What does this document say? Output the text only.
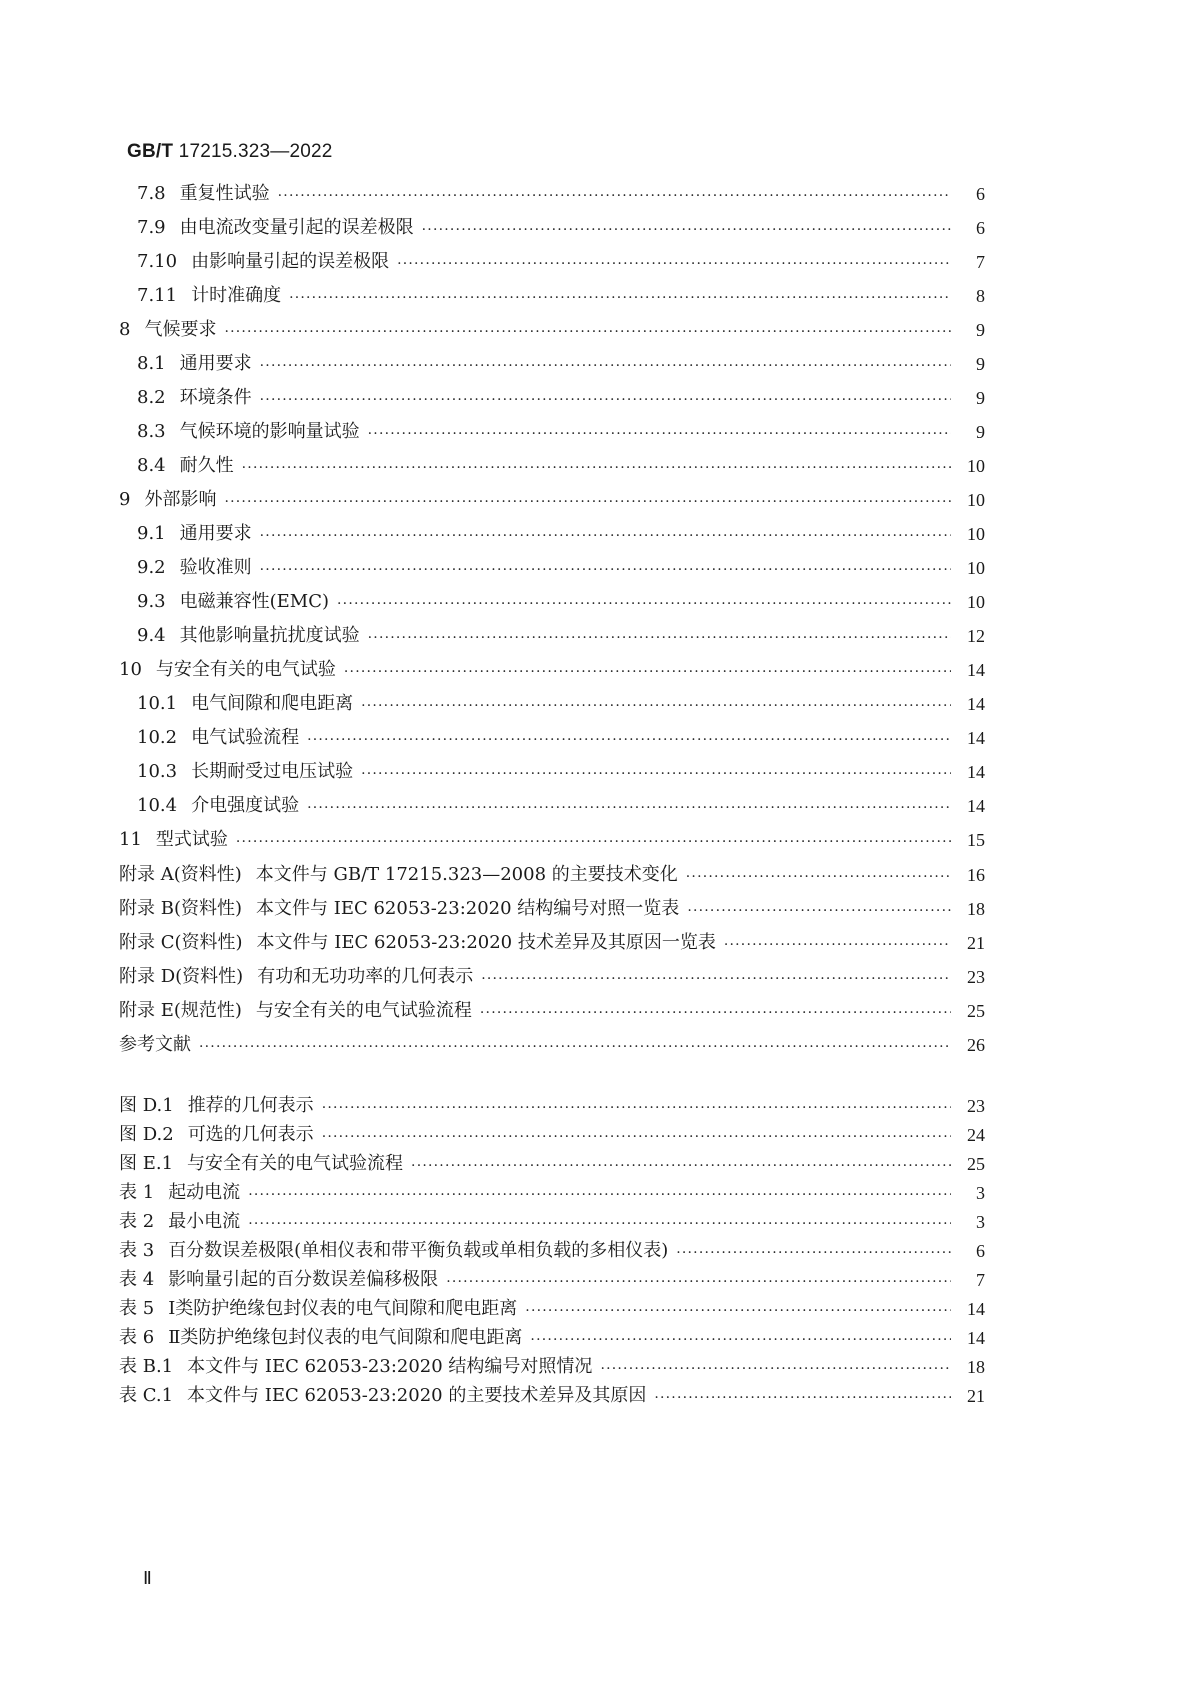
GB/T 17215.323—2022
7.8 重复性试验 ·····	6
7.9 由电流改变量引起的误差极限 ·····	6
7.10 由影响量引起的误差极限 ·····	7
7.11 计时准确度 ·····	8
8 气候要求 ·····	9
8.1 通用要求 ·····	9
8.2 环境条件 ·····	9
8.3 气候环境的影响量试验 ·····	9
8.4 耐久性 ·····	10
9 外部影响 ·····	10
9.1 通用要求 ·····	10
9.2 验收准则 ·····	10
9.3 电磁兼容性(EMC) ·····	10
9.4 其他影响量抗扰度试验 ·····	12
10 与安全有关的电气试验 ·····	14
10.1 电气间隙和爬电距离 ·····	14
10.2 电气试验流程 ·····	14
10.3 长期耐受过电压试验 ·····	14
10.4 介电强度试验 ·····	14
11 型式试验 ·····	15
附录 A(资料性) 本文件与 GB/T 17215.323—2008 的主要技术变化 ·····	16
附录 B(资料性) 本文件与 IEC 62053-23:2020 结构编号对照一览表 ·····	18
附录 C(资料性) 本文件与 IEC 62053-23:2020 技术差异及其原因一览表 ·····	21
附录 D(资料性) 有功和无功功率的几何表示 ·····	23
附录 E(规范性) 与安全有关的电气试验流程 ·····	25
参考文献 ·····	26
图 D.1 推荐的几何表示 ·····	23
图 D.2 可选的几何表示 ·····	24
图 E.1 与安全有关的电气试验流程 ·····	25
表 1 起动电流 ·····	3
表 2 最小电流 ·····	3
表 3 百分数误差极限(单相仪表和带平衡负载或单相负载的多相仪表) ·····	6
表 4 影响量引起的百分数误差偏移极限 ·····	7
表 5 Ⅰ类防护绝缘包封仪表的电气间隙和爬电距离 ·····	14
表 6 Ⅱ类防护绝缘包封仪表的电气间隙和爬电距离 ·····	14
表 B.1 本文件与 IEC 62053-23:2020 结构编号对照情况 ·····	18
表 C.1 本文件与 IEC 62053-23:2020 的主要技术差异及其原因 ·····	21
Ⅱ
